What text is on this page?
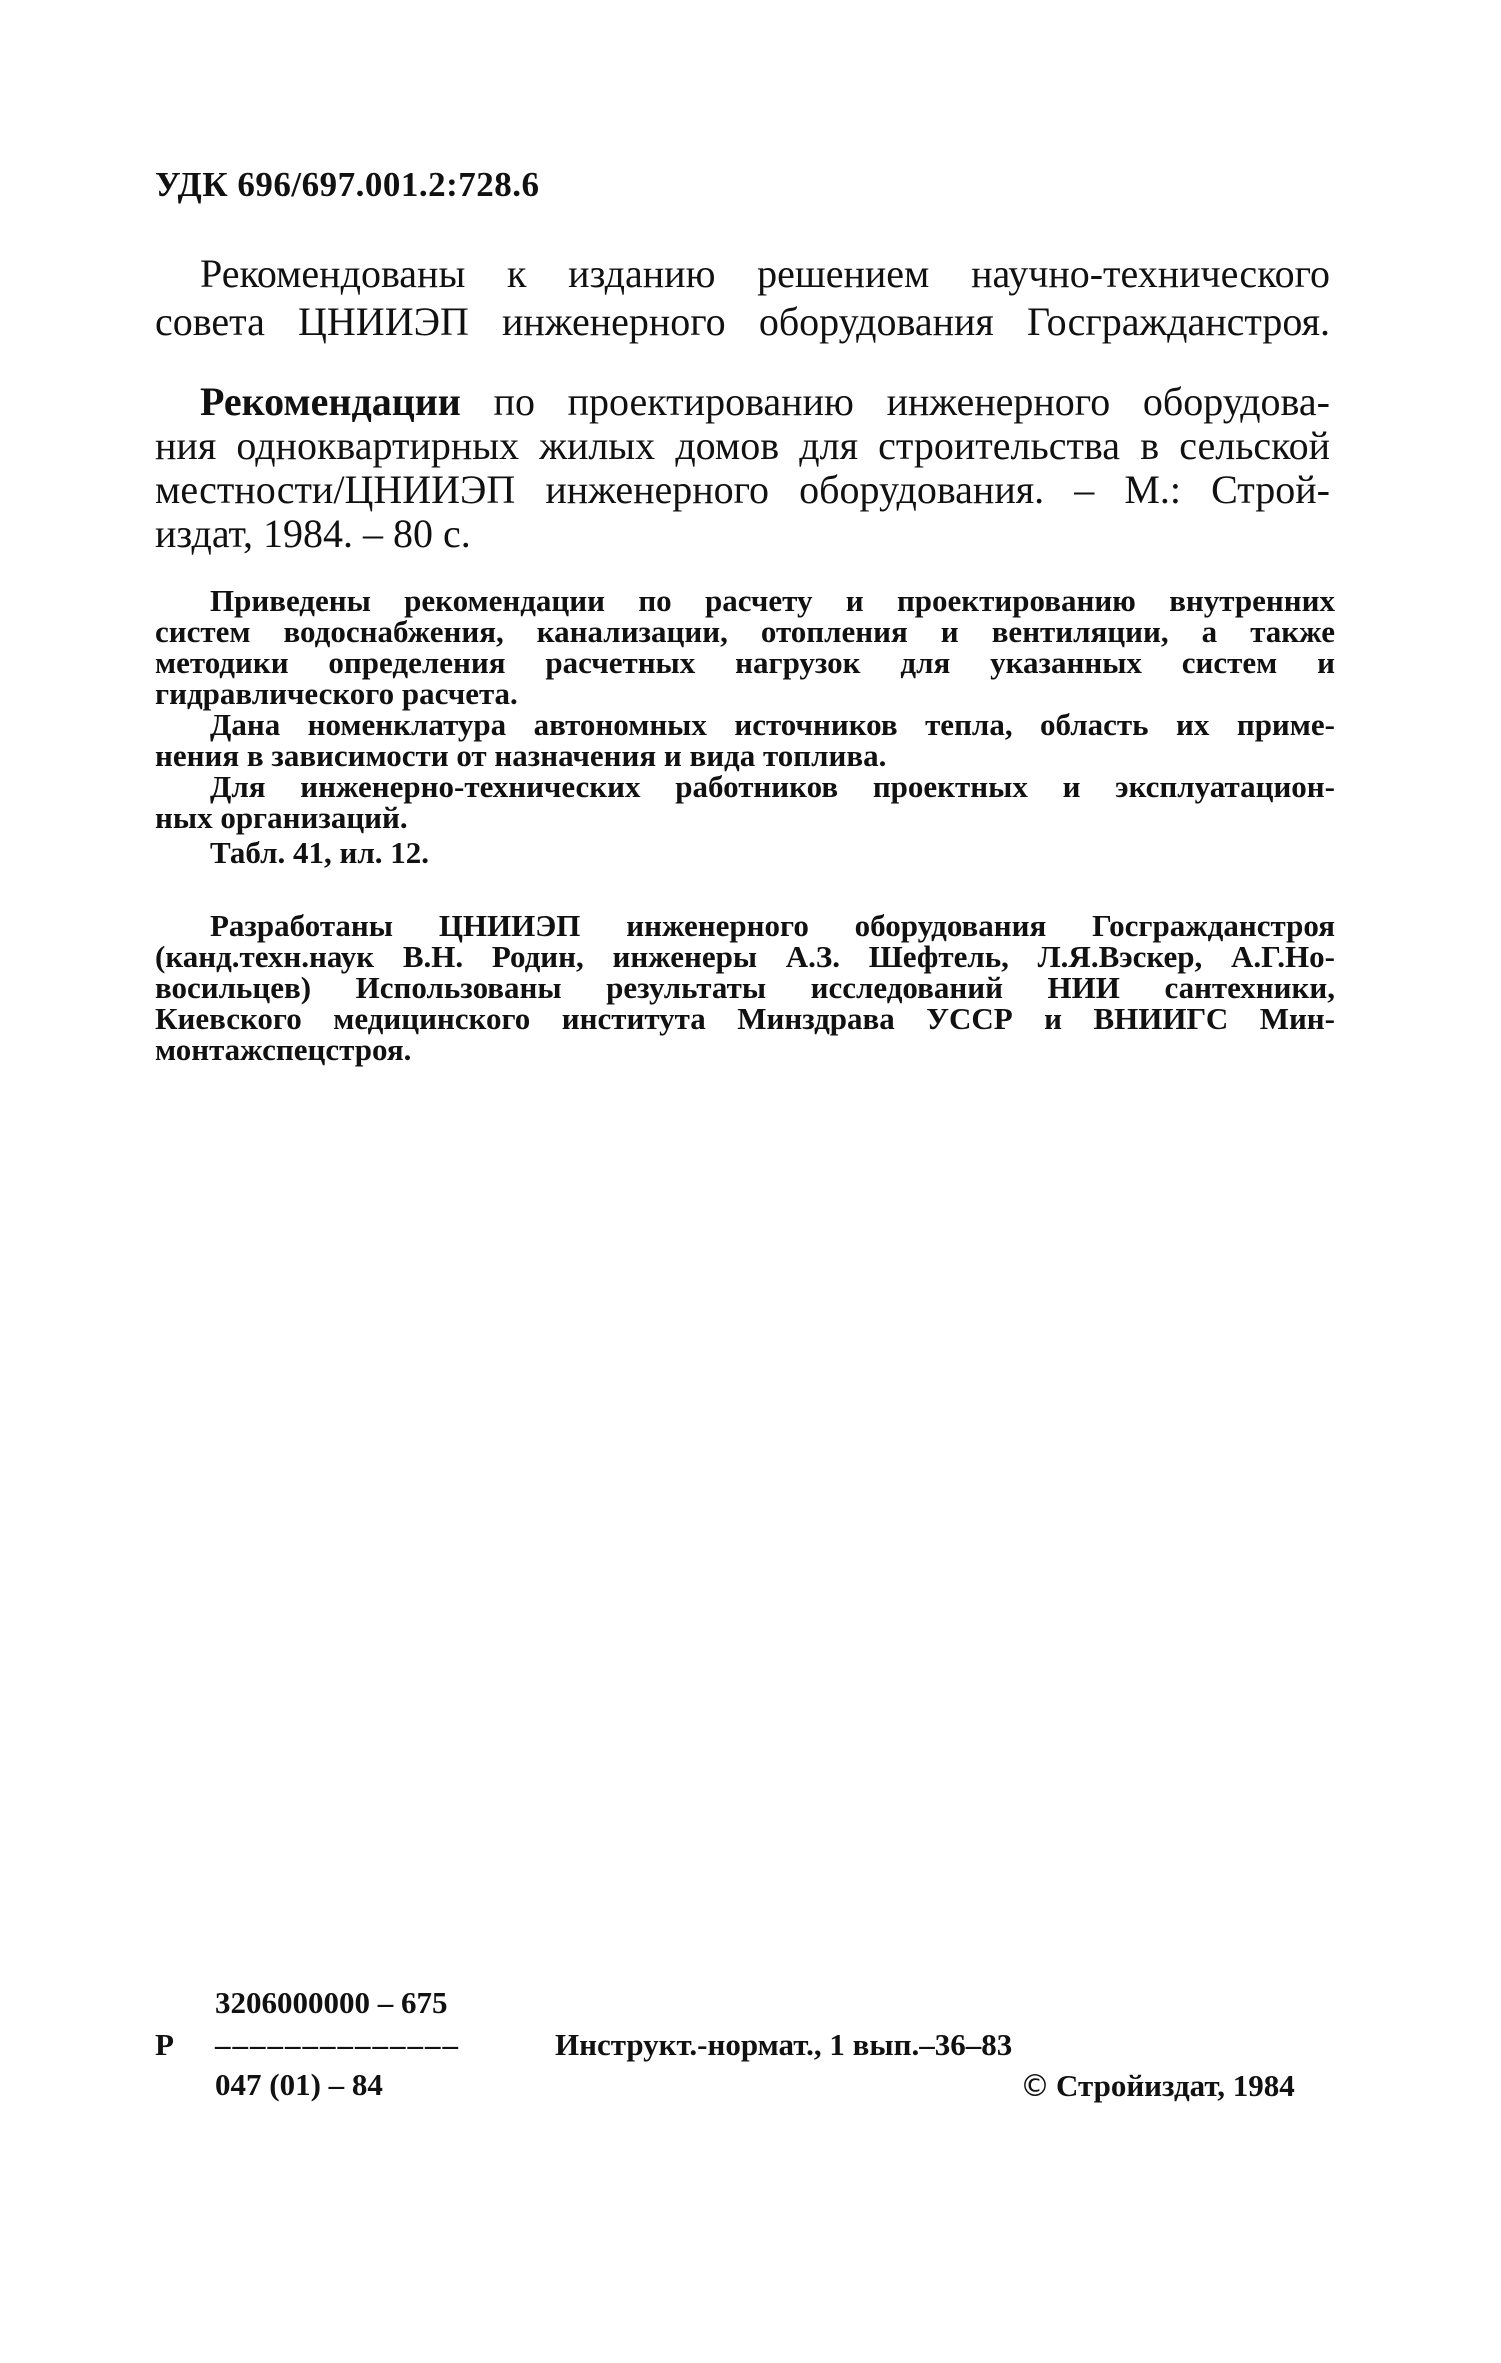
УДК 696/697.001.2:728.6
Рекомендованы к изданию решением научно-технического
совета ЦНИИЭП инженерного оборудования Госгражданстроя.
Рекомендации по проектированию инженерного оборудова-
ния одноквартирных жилых домов для строительства в сельской
местности/ЦНИИЭП инженерного оборудования. – М.: Строй-
издат, 1984. – 80 с.
Приведены рекомендации по расчету и проектированию внутренних
систем водоснабжения, канализации, отопления и вентиляции, а также
методики определения расчетных нагрузок для указанных систем и
гидравлического расчета.
Дана номенклатура автономных источников тепла, область их приме-
нения в зависимости от назначения и вида топлива.
Для инженерно-технических работников проектных и эксплуатацион-
ных организаций.
Табл. 41, ил. 12.
Разработаны ЦНИИЭП инженерного оборудования Госгражданстроя
(канд.техн.наук В.Н. Родин, инженеры А.З. Шефтель, Л.Я.Вэскер, А.Г.Но-
восильцев) Использованы результаты исследований НИИ сантехники,
Киевского медицинского института Минздрава УССР и ВНИИГС Мин-
монтажспецстроя.
3206000000 – 675
Р ––––––––––––––	Инструкт.-нормат., 1 вып.–36–83
047 (01) – 84	© Стройиздат, 1984
